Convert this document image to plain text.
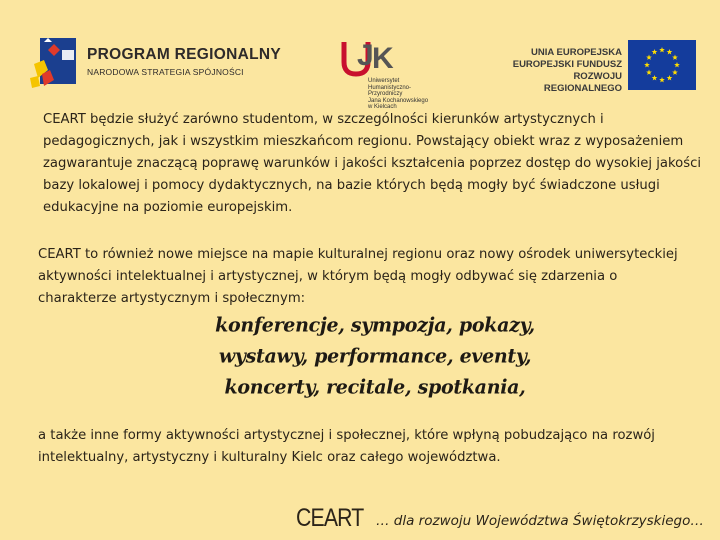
PROGRAM REGIONALNY
NARODOWA STRATEGIA SPÓJNOŚCI	J
K
Uniwersytet
Humanistyczno-Przyrodniczy
Jana Kochanowskiego
w Kielcach
UNIA EUROPEJSKA
EUROPEJSKI FUNDUSZ
ROZWOJU REGIONALNEGO

CEART będzie służyć zarówno studentom, w szczególności kierunków artystycznych i pedagogicznych, jak i wszystkim mieszkańcom regionu. Powstający obiekt wraz z wyposażeniem zagwarantuje znaczącą poprawę warunków i jakości kształcenia poprzez dostęp do wysokiej jakości bazy lokalowej i pomocy dydaktycznych, na bazie których będą mogły być świadczone usługi edukacyjne na poziomie europejskim.

CEART to również nowe miejsce na mapie kulturalnej regionu oraz nowy ośrodek uniwersyteckiej aktywności intelektualnej i artystycznej, w którym będą mogły odbywać się zdarzenia o charakterze artystycznym i społecznym:

konferencje, sympozja, pokazy,
wystawy, performance, eventy,
koncerty, recitale, spotkania,

a także inne formy aktywności artystycznej i społecznej, które wpłyną pobudzająco na rozwój intelektualny, artystyczny i kulturalny Kielc oraz całego województwa.

CEART … dla rozwoju Województwa Świętokrzyskiego…
